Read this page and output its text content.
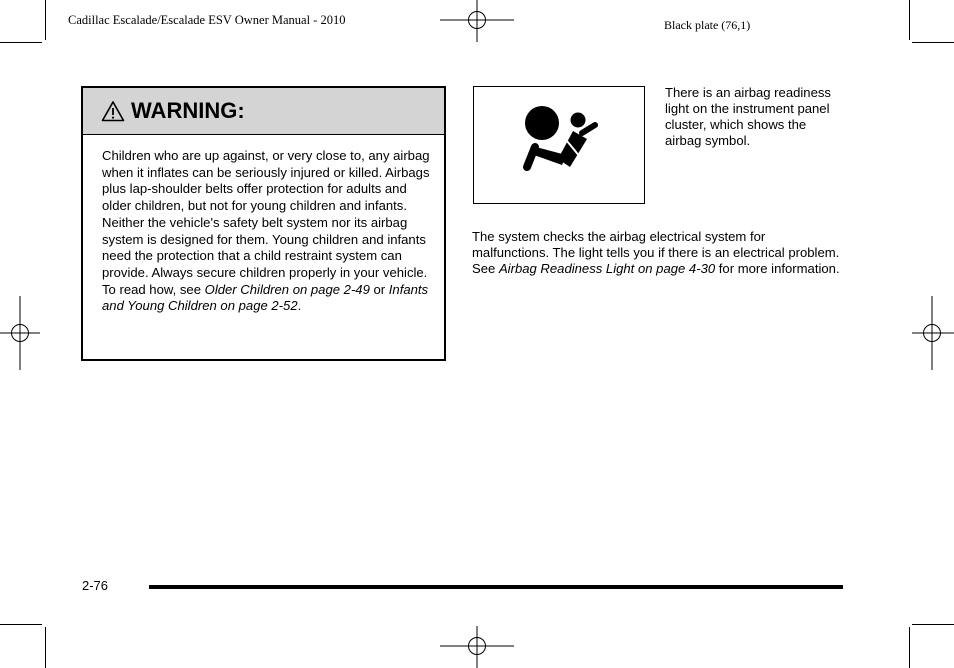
Cadillac Escalade/Escalade ESV Owner Manual - 2010	Black plate (76,1)
WARNING:
Children who are up against, or very close to, any airbag when it inflates can be seriously injured or killed. Airbags plus lap-shoulder belts offer protection for adults and older children, but not for young children and infants. Neither the vehicle's safety belt system nor its airbag system is designed for them. Young children and infants need the protection that a child restraint system can provide. Always secure children properly in your vehicle. To read how, see Older Children on page 2-49 or Infants and Young Children on page 2-52.
There is an airbag readiness light on the instrument panel cluster, which shows the airbag symbol.
The system checks the airbag electrical system for malfunctions. The light tells you if there is an electrical problem. See Airbag Readiness Light on page 4-30 for more information.
2-76
